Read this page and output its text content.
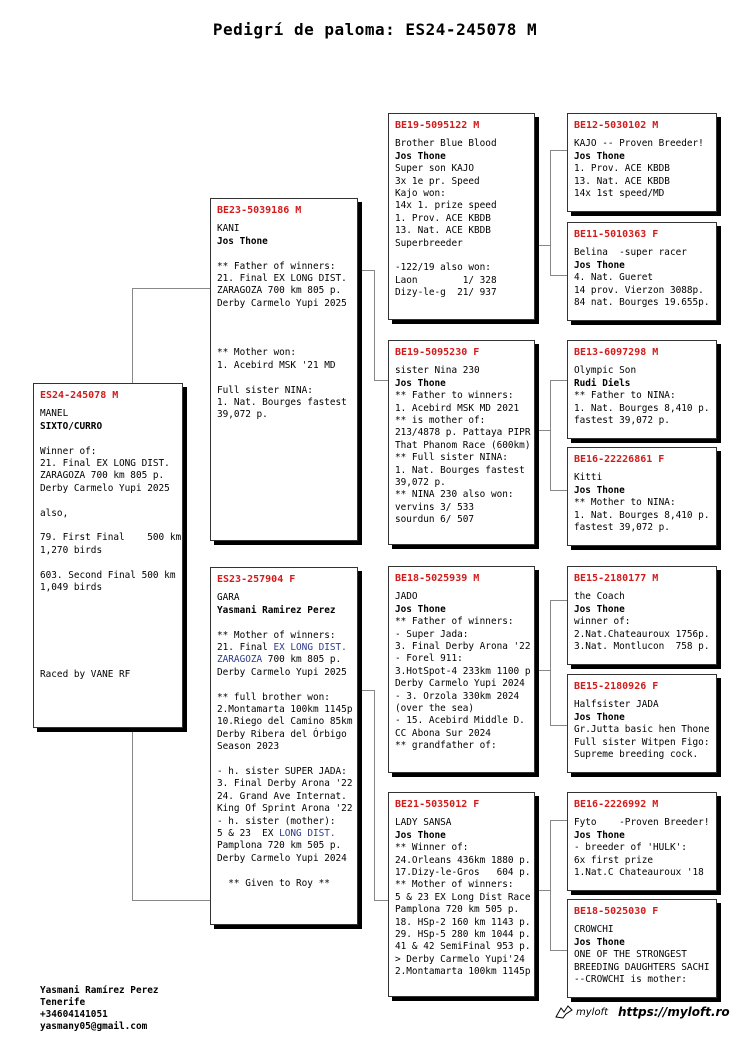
Pedigrí de paloma: ES24-245078 M
ES24-245078 M
MANEL
SIXTO/CURRO
Winner of:
21. Final EX LONG DIST.
ZARAGOZA 700 km 805 p.
Derby Carmelo Yupi 2025
also,
79. First Final    500 km
1,270 birds
603. Second Final 500 km
1,049 birds
Raced by VANE RF
BE23-5039186 M
KANI
Jos Thone
** Father of winners:
21. Final EX LONG DIST.
ZARAGOZA 700 km 805 p.
Derby Carmelo Yupi 2025
** Mother won:
1. Acebird MSK '21 MD
Full sister NINA:
1. Nat. Bourges fastest
39,072 p.
ES23-257904 F
GARA
Yasmani Ramirez Perez
** Mother of winners:
21. Final EX LONG DIST.
ZARAGOZA 700 km 805 p.
Derby Carmelo Yupi 2025
** full brother won:
2.Montamarta 100km 1145p
10.Riego del Camino 85km
Derby Ribera del Órbigo
Season 2023
- h. sister SUPER JADA:
3. Final Derby Arona '22
24. Grand Ave Internat.
King Of Sprint Arona '22
- h. sister (mother):
5 & 23  EX LONG DIST.
Pamplona 720 km 505 p.
Derby Carmelo Yupi 2024
** Given to Roy **
BE19-5095122 M
Brother Blue Blood
Jos Thone
Super son KAJO
3x 1e pr. Speed
Kajo won:
14x 1. prize speed
1. Prov. ACE KBDB
13. Nat. ACE KBDB
Superbreeder
-122/19 also won:
Laon        1/ 328
Dizy-le-g  21/ 937
BE19-5095230 F
sister Nina 230
Jos Thone
** Father to winners:
1. Acebird MSK MD 2021
** is mother of:
213/4878 p. Pattaya PIPR
That Phanom Race (600km)
** Full sister NINA:
1. Nat. Bourges fastest
39,072 p.
** NINA 230 also won:
vervins 3/ 533
sourdun 6/ 507
BE18-5025939 M
JADO
Jos Thone
** Father of winners:
- Super Jada:
3. Final Derby Arona '22
- Forel 911:
3.HotSpot-4 233km 1100 p
Derby Carmelo Yupi 2024
- 3. Orzola 330km 2024
(over the sea)
- 15. Acebird Middle D.
CC Abona Sur 2024
** grandfather of:
BE21-5035012 F
LADY SANSA
Jos Thone
** Winner of:
24.Orleans 436km 1880 p.
17.Dizy-le-Gros   604 p.
** Mother of winners:
5 & 23 EX Long Dist Race
Pamplona 720 km 505 p.
18. HSp-2 160 km 1143 p.
29. HSp-5 280 km 1044 p.
41 & 42 SemiFinal 953 p.
> Derby Carmelo Yupi'24
2.Montamarta 100km 1145p
BE12-5030102 M
KAJO -- Proven Breeder!
Jos Thone
1. Prov. ACE KBDB
13. Nat. ACE KBDB
14x 1st speed/MD
BE11-5010363 F
Belina  -super racer
Jos Thone
4. Nat. Gueret
14 prov. Vierzon 3088p.
84 nat. Bourges 19.655p.
BE13-6097298 M
Olympic Son
Rudi Diels
** Father to NINA:
1. Nat. Bourges 8,410 p.
fastest 39,072 p.
BE16-22226861 F
Kitti
Jos Thone
** Mother to NINA:
1. Nat. Bourges 8,410 p.
fastest 39,072 p.
BE15-2180177 M
the Coach
Jos Thone
winner of:
2.Nat.Chateauroux 1756p.
3.Nat. Montlucon  758 p.
BE15-2180926 F
Halfsister JADA
Jos Thone
Gr.Jutta basic hen Thone
Full sister Witpen Figo:
Supreme breeding cock.
BE16-2226992 M
Fyto    -Proven Breeder!
Jos Thone
- breeder of 'HULK':
6x first prize
1.Nat.C Chateauroux '18
BE18-5025030 F
CROWCHI
Jos Thone
ONE OF THE STRONGEST
BREEDING DAUGHTERS SACHI
--CROWCHI is mother:
Yasmani Ramírez Perez
Tenerife
+34604141051
yasmany05@gmail.com
myloft https://myloft.ro
